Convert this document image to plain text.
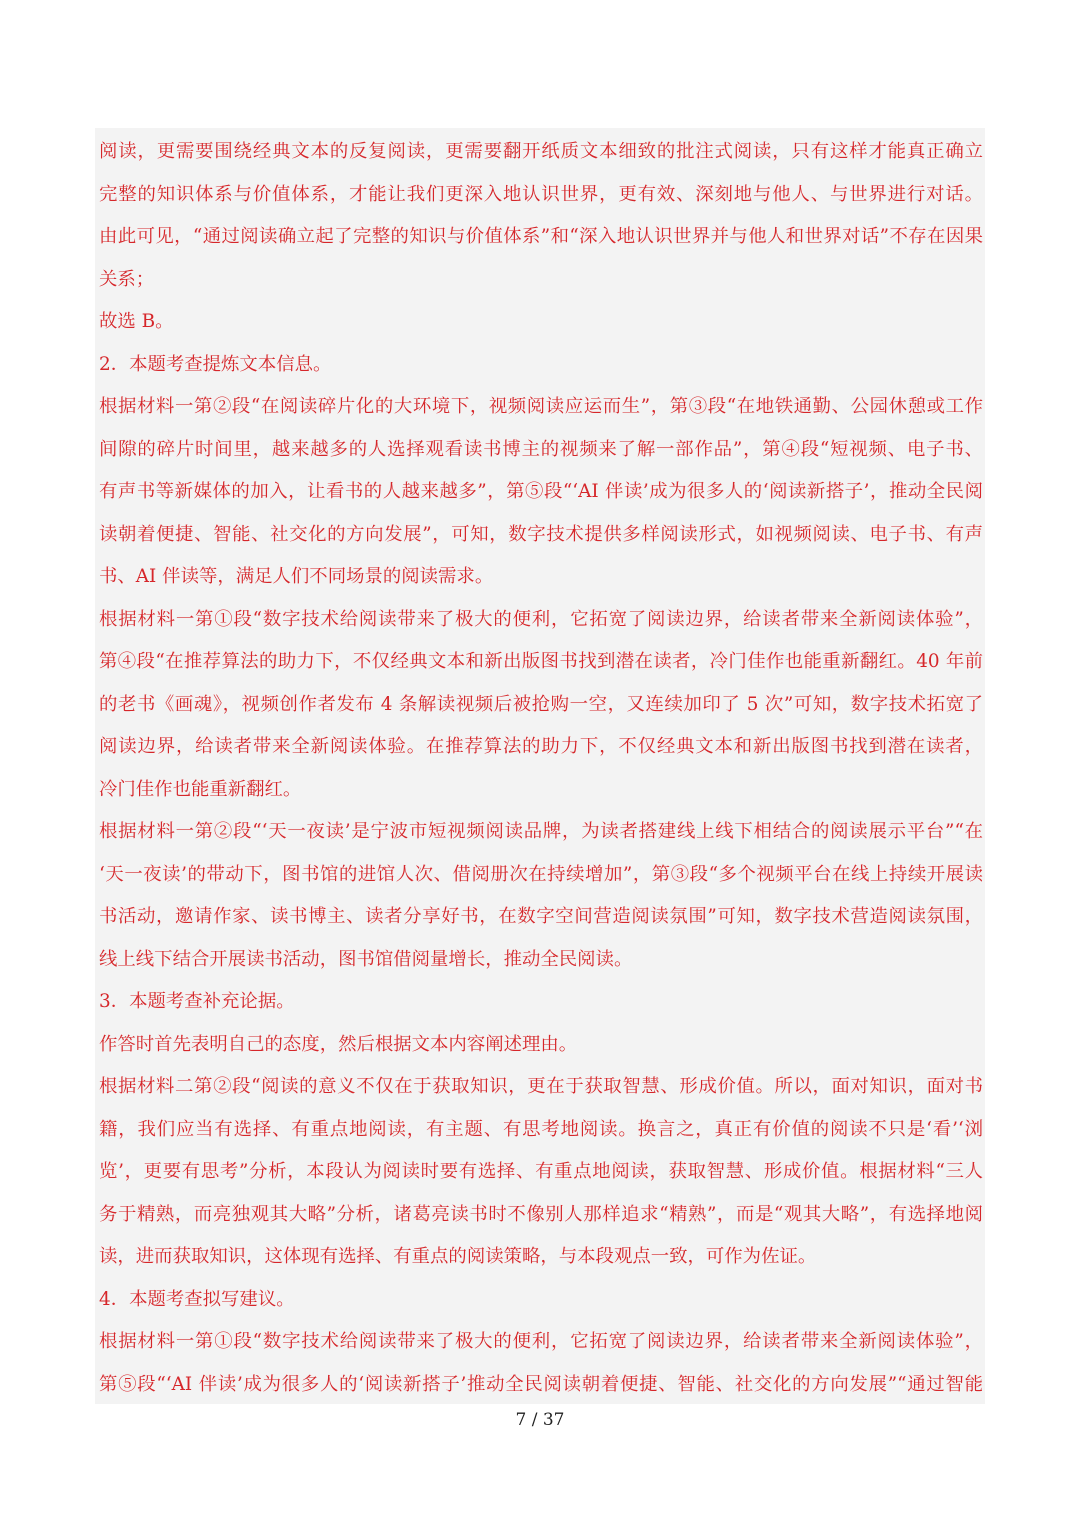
阅读，更需要围绕经典文本的反复阅读，更需要翻开纸质文本细致的批注式阅读，只有这样才能真正确立
完整的知识体系与价值体系，才能让我们更深入地认识世界，更有效、深刻地与他人、与世界进行对话。
由此可见，“通过阅读确立起了完整的知识与价值体系”和“深入地认识世界并与他人和世界对话”不存在因果
关系；
故选 B。
2．本题考查提炼文本信息。
根据材料一第②段“在阅读碎片化的大环境下，视频阅读应运而生”，第③段“在地铁通勤、公园休憩或工作
间隙的碎片时间里，越来越多的人选择观看读书博主的视频来了解一部作品”，第④段“短视频、电子书、
有声书等新媒体的加入，让看书的人越来越多”，第⑤段“‘AI 伴读’成为很多人的‘阅读新搭子’，推动全民阅
读朝着便捷、智能、社交化的方向发展”，可知，数字技术提供多样阅读形式，如视频阅读、电子书、有声
书、AI 伴读等，满足人们不同场景的阅读需求。
根据材料一第①段“数字技术给阅读带来了极大的便利，它拓宽了阅读边界，给读者带来全新阅读体验”，
第④段“在推荐算法的助力下，不仅经典文本和新出版图书找到潜在读者，冷门佳作也能重新翻红。40 年前
的老书《画魂》，视频创作者发布 4 条解读视频后被抢购一空，又连续加印了 5 次”可知，数字技术拓宽了
阅读边界，给读者带来全新阅读体验。在推荐算法的助力下，不仅经典文本和新出版图书找到潜在读者，
冷门佳作也能重新翻红。
根据材料一第②段“‘天一夜读’是宁波市短视频阅读品牌，为读者搭建线上线下相结合的阅读展示平台”“在
‘天一夜读’的带动下，图书馆的进馆人次、借阅册次在持续增加”，第③段“多个视频平台在线上持续开展读
书活动，邀请作家、读书博主、读者分享好书，在数字空间营造阅读氛围”可知，数字技术营造阅读氛围，
线上线下结合开展读书活动，图书馆借阅量增长，推动全民阅读。
3．本题考查补充论据。
作答时首先表明自己的态度，然后根据文本内容阐述理由。
根据材料二第②段“阅读的意义不仅在于获取知识，更在于获取智慧、形成价值。所以，面对知识，面对书
籍，我们应当有选择、有重点地阅读，有主题、有思考地阅读。换言之，真正有价值的阅读不只是‘看’‘浏
览’，更要有思考”分析，本段认为阅读时要有选择、有重点地阅读，获取智慧、形成价值。根据材料“三人
务于精熟，而亮独观其大略”分析，诸葛亮读书时不像别人那样追求“精熟”，而是“观其大略”，有选择地阅
读，进而获取知识，这体现有选择、有重点的阅读策略，与本段观点一致，可作为佐证。
4．本题考查拟写建议。
根据材料一第①段“数字技术给阅读带来了极大的便利，它拓宽了阅读边界，给读者带来全新阅读体验”，
第⑤段“‘AI 伴读’成为很多人的‘阅读新搭子’推动全民阅读朝着便捷、智能、社交化的方向发展”“通过智能
7 / 37
